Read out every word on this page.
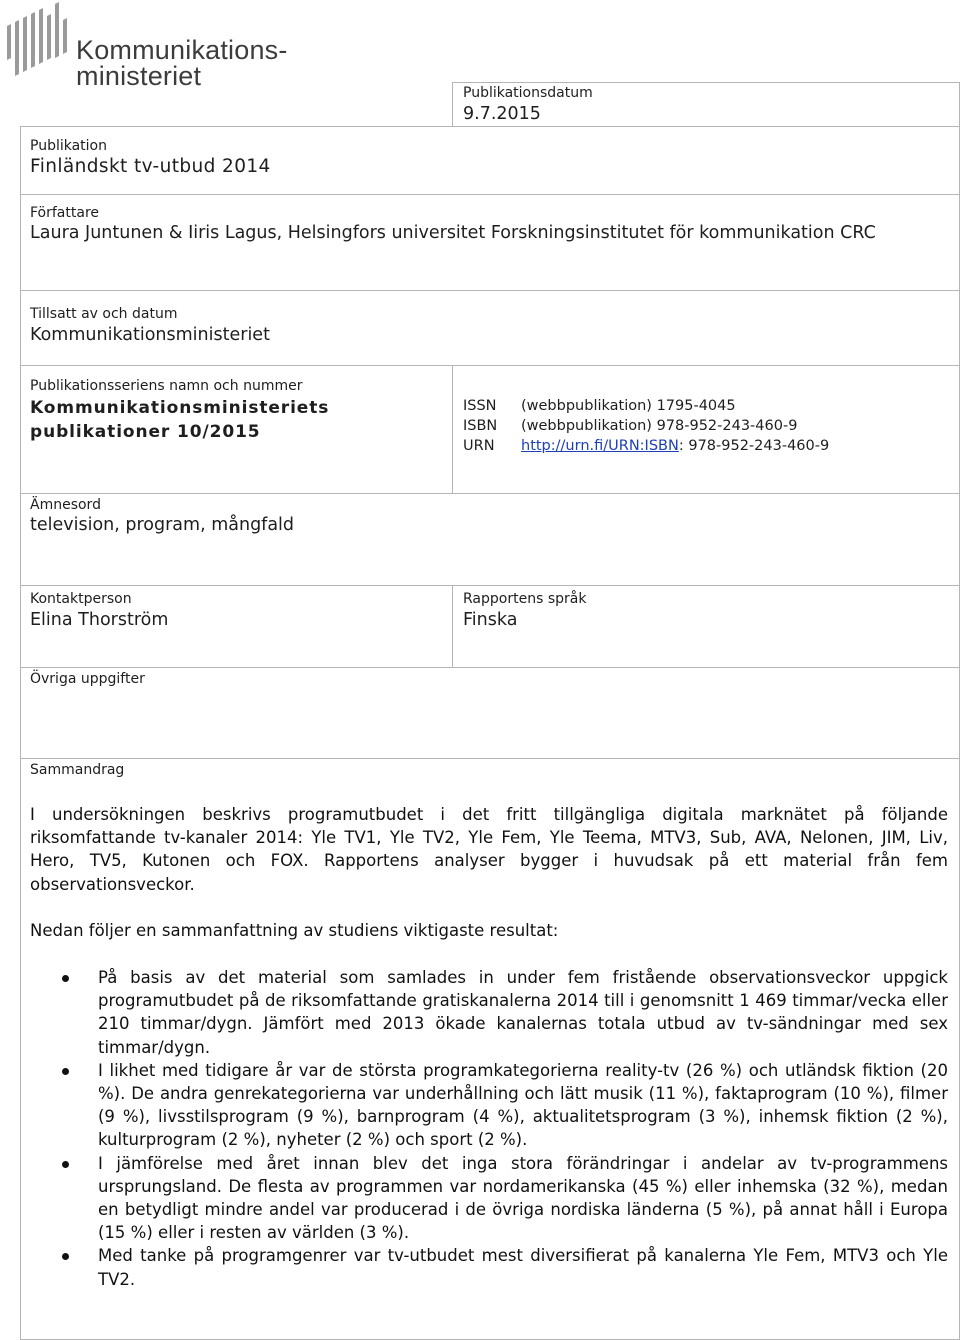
Kommunikations-
ministeriet
Publikationsdatum
9.7.2015
Publikation
Finländskt tv-utbud 2014
Författare
Laura Juntunen & Iiris Lagus, Helsingfors universitet Forskningsinstitutet för kommunikation CRC
Tillsatt av och datum
Kommunikationsministeriet
Publikationsseriens namn och nummer
Kommunikationsministeriets
publikationer 10/2015
ISSN (webbpublikation) 1795-4045
ISBN (webbpublikation) 978-952-243-460-9
URN http://urn.fi/URN:ISBN: 978-952-243-460-9
Ämnesord
television, program, mångfald
Kontaktperson
Elina Thorström
Rapportens språk
Finska
Övriga uppgifter
Sammandrag
I undersökningen beskrivs programutbudet i det fritt tillgängliga digitala marknätet på följande riksomfattande tv-kanaler 2014: Yle TV1, Yle TV2, Yle Fem, Yle Teema, MTV3, Sub, AVA, Nelonen, JIM, Liv, Hero, TV5, Kutonen och FOX. Rapportens analyser bygger i huvudsak på ett material från fem observationsveckor.
Nedan följer en sammanfattning av studiens viktigaste resultat:
På basis av det material som samlades in under fem fristående observationsveckor uppgick programutbudet på de riksomfattande gratiskanalerna 2014 till i genomsnitt 1 469 timmar/vecka eller 210 timmar/dygn. Jämfört med 2013 ökade kanalernas totala utbud av tv-sändningar med sex timmar/dygn.
I likhet med tidigare år var de största programkategorierna reality-tv (26 %) och utländsk fiktion (20 %). De andra genrekategorierna var underhållning och lätt musik (11 %), faktaprogram (10 %), filmer (9 %), livsstilsprogram (9 %), barnprogram (4 %), aktualitetsprogram (3 %), inhemsk fiktion (2 %), kulturprogram (2 %), nyheter (2 %) och sport (2 %).
I jämförelse med året innan blev det inga stora förändringar i andelar av tv-programmens ursprungsland. De flesta av programmen var nordamerikanska (45 %) eller inhemska (32 %), medan en betydligt mindre andel var producerad i de övriga nordiska länderna (5 %), på annat håll i Europa (15 %) eller i resten av världen (3 %).
Med tanke på programgenrer var tv-utbudet mest diversifierat på kanalerna Yle Fem, MTV3 och Yle TV2.
